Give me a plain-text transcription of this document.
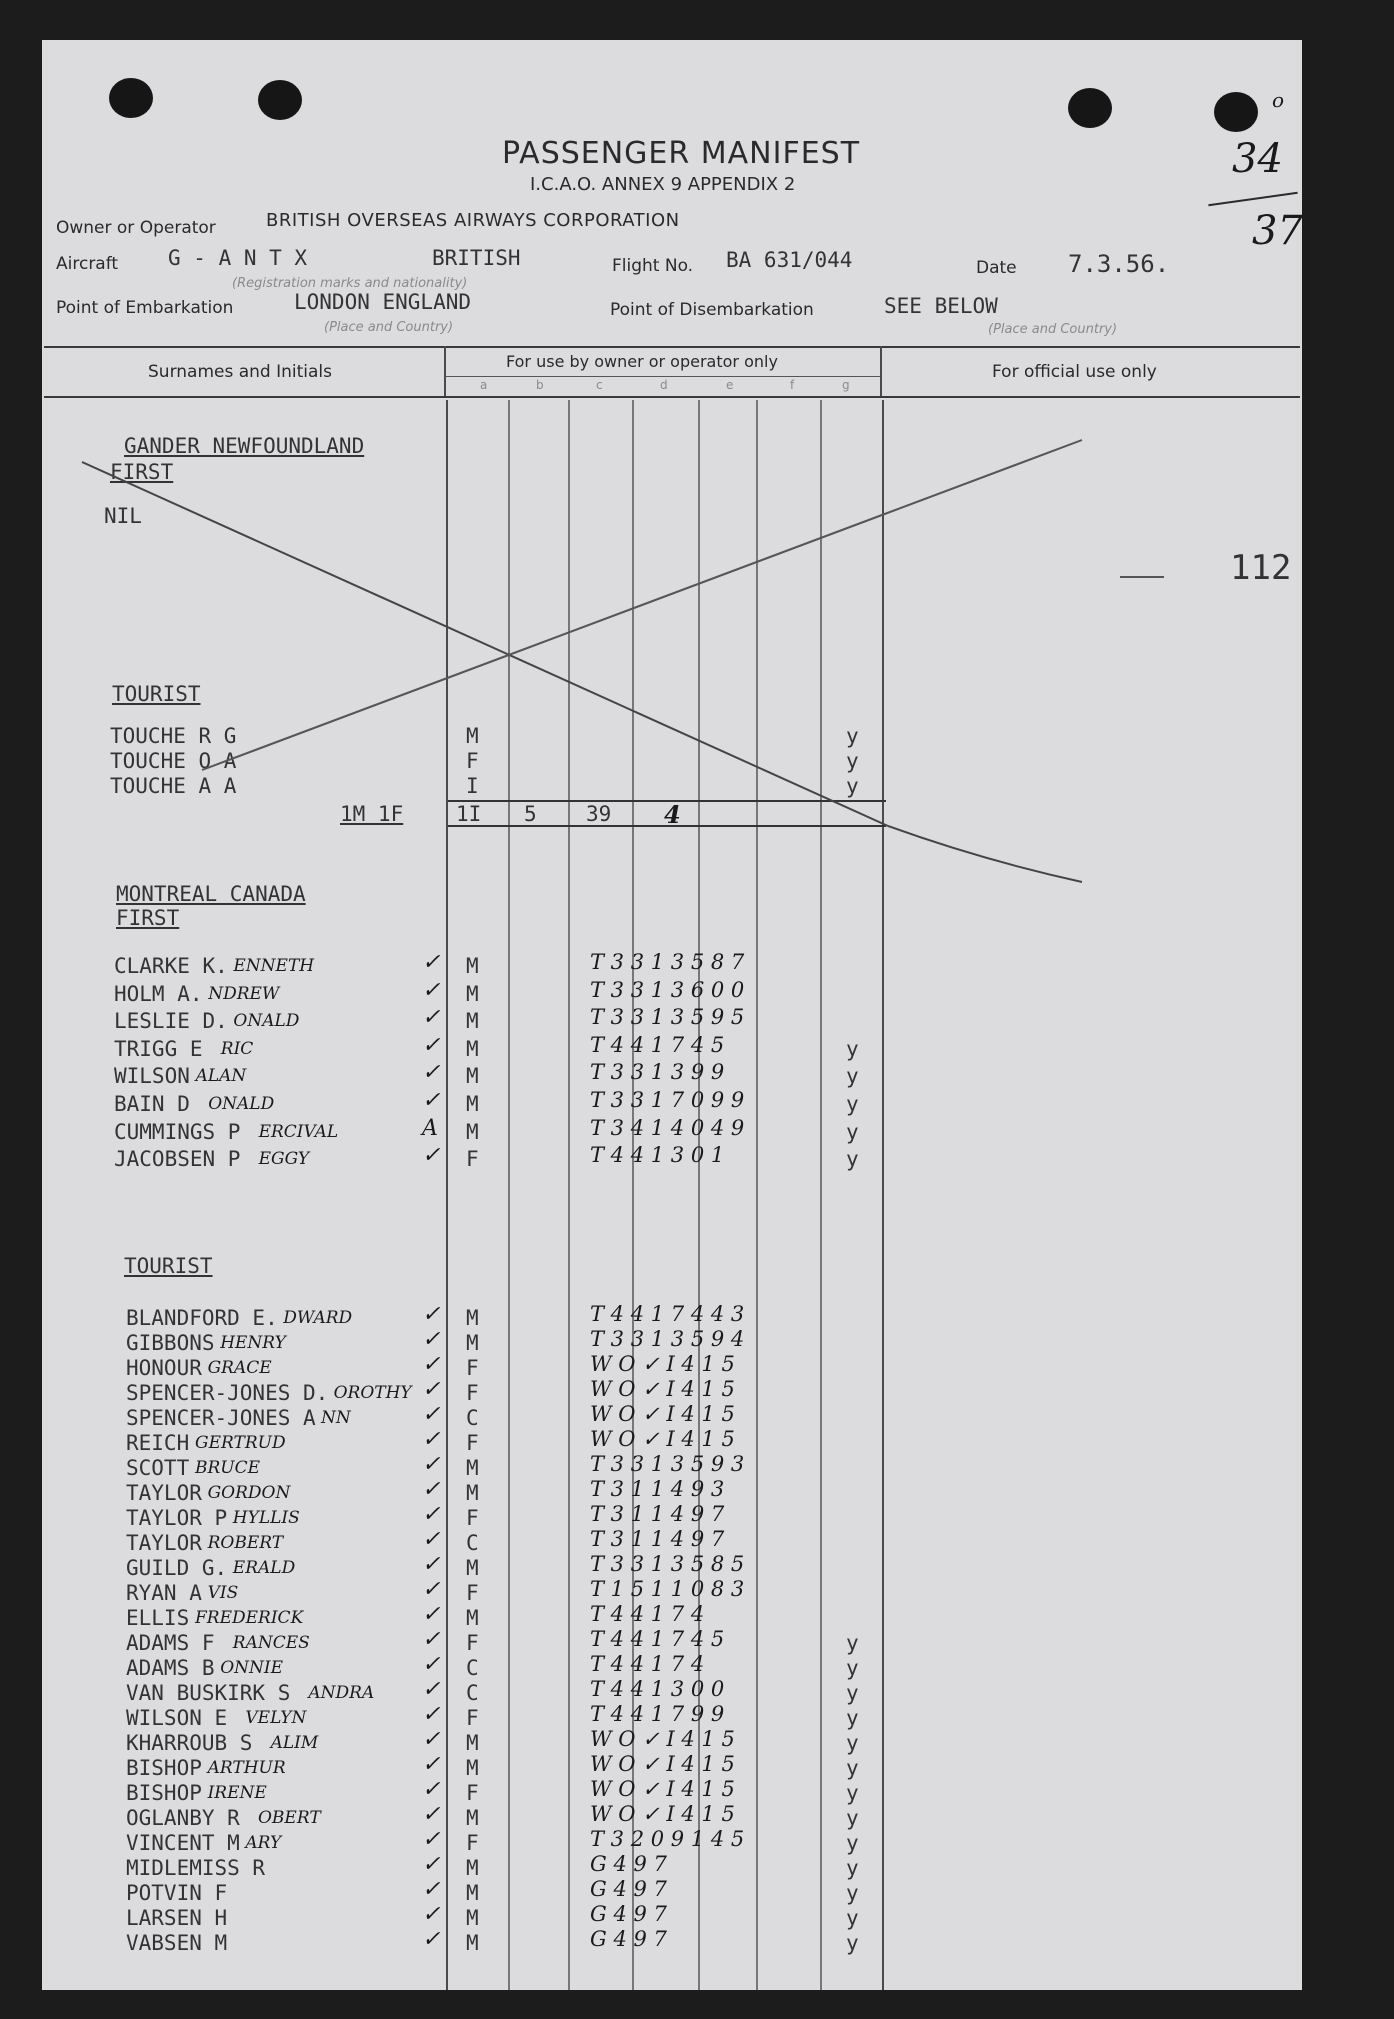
PASSENGER MANIFEST
I.C.A.O. ANNEX 9 APPENDIX 2
o
34
37
Owner or Operator	BRITISH OVERSEAS AIRWAYS CORPORATION
Aircraft G - A N T X	BRITISH
(Registration marks and nationality)
Flight No. BA 631/044	Date 7.3.56.
Point of Embarkation	LONDON ENGLAND
(Place and Country)
Point of Disembarkation	SEE BELOW
(Place and Country)
Surnames and Initials
For use by owner or operator only
a	b	c	d	e	f	g
For official use only
112
GANDER NEWFOUNDLAND
FIRST
NIL
TOURIST
TOUCHE R G	M	y
TOUCHE O A	F	y
TOUCHE A A	I	y
1M 1F	1I 5 39 4
MONTREAL CANADA
FIRST
CLARKE K. ENNETH	✓ M	T 3 3 1 3 5 8 7
HOLM A. NDREW	✓ M	T 3 3 1 3 6 0 0
LESLIE D. ONALD	✓ M	T 3 3 1 3 5 9 5
TRIGG E RIC	✓ M	T 4 4 1 7 4 5	y
WILSON ALAN	✓ M	T 3 3 1 3 9 9	y
BAIN D ONALD	✓ M	T 3 3 1 7 0 9 9	y
CUMMINGS P ERCIVAL	A M	T 3 4 1 4 0 4 9	y
JACOBSEN P EGGY	✓ F	T 4 4 1 3 0 1	y
TOURIST
BLANDFORD E. DWARD	✓ M	T 4 4 1 7 4 4 3
GIBBONS HENRY	✓ M	T 3 3 1 3 5 9 4
HONOUR GRACE	✓ F	W O ✓ I 4 1 5
SPENCER-JONES D. OROTHY ✓ F	W O ✓ I 4 1 5
SPENCER-JONES A NN	✓ C	W O ✓ I 4 1 5
REICH GERTRUD	✓ F	W O ✓ I 4 1 5
SCOTT BRUCE	✓ M	T 3 3 1 3 5 9 3
TAYLOR GORDON	✓ M	T 3 1 1 4 9 3
TAYLOR P HYLLIS	✓ F	T 3 1 1 4 9 7
TAYLOR ROBERT	✓ C	T 3 1 1 4 9 7
GUILD G. ERALD	✓ M	T 3 3 1 3 5 8 5
RYAN A VIS	✓ F	T 1 5 1 1 0 8 3
ELLIS FREDERICK	✓ M	T 4 4 1 7 4
ADAMS F RANCES	✓ F	T 4 4 1 7 4 5	y
ADAMS B ONNIE	✓ C	T 4 4 1 7 4	y
VAN BUSKIRK S ANDRA ✓ C	T 4 4 1 3 0 0	y
WILSON E VELYN	✓ F	T 4 4 1 7 9 9	y
KHARROUB S ALIM	✓ M	W O ✓ I 4 1 5	y
BISHOP ARTHUR	✓ M	W O ✓ I 4 1 5	y
BISHOP IRENE	✓ F	W O ✓ I 4 1 5	y
OGLANBY R OBERT	✓ M	W O ✓ I 4 1 5	y
VINCENT M ARY	✓ F	T 3 2 0 9 1 4 5	y
MIDLEMISS R	✓ M	G 4 9 7	y
POTVIN F	✓ M	G 4 9 7	y
LARSEN H	✓ M	G 4 9 7	y
VABSEN M	✓ M	G 4 9 7	y
